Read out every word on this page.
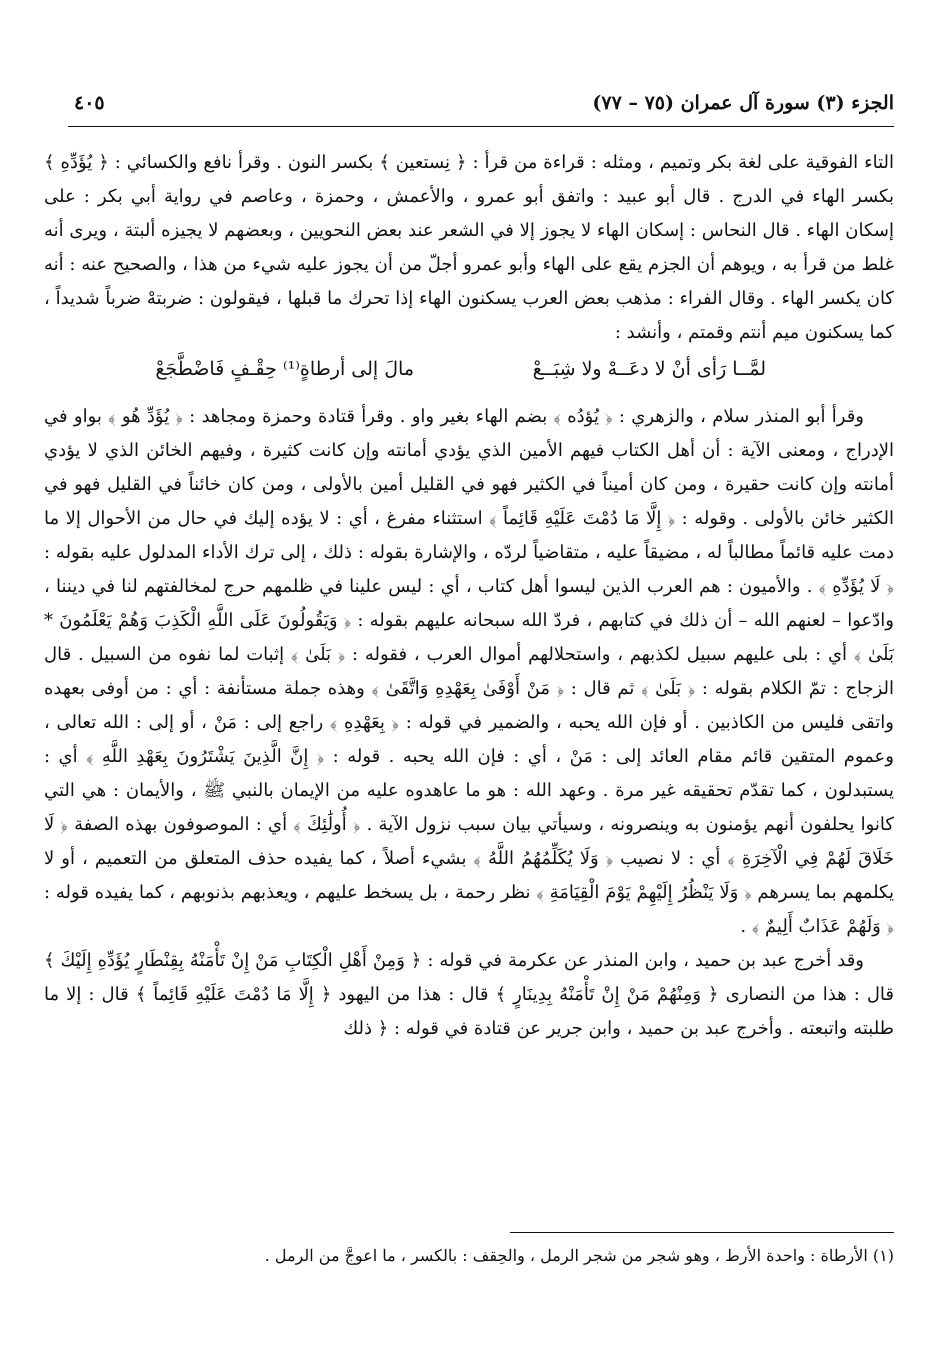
الجزء (٣) سورة آل عمران (٧٥ – ٧٧)
٤٠٥

التاء الفوقية على لغة بكر وتميم ، ومثله : قراءة من قرأ : ﴿ نِستعين ﴾ بكسر النون . وقرأ نافع والكسائي : ﴿ يُؤَدِّهِ ﴾ بكسر الهاء في الدرج . قال أبو عبيد : واتفق أبو عمرو ، والأعمش ، وحمزة ، وعاصم في رواية أبي بكر : على إسكان الهاء . قال النحاس : إسكان الهاء لا يجوز إلا في الشعر عند بعض النحويين ، وبعضهم لا يجيزه ألبتة ، ويرى أنه غلط من قرأ به ، ويوهم أن الجزم يقع على الهاء وأبو عمرو أجلّ من أن يجوز عليه شيء من هذا ، والصحيح عنه : أنه كان يكسر الهاء . وقال الفراء : مذهب بعض العرب يسكنون الهاء إذا تحرك ما قبلها ، فيقولون : ضربتهْ ضرباً شديداً ، كما يسكنون ميم أنتم وقمتم ، وأنشد :

لمَّــا رَأى أنْ لا دعَــهْ ولا شِبَــعْ
مالَ إلى أرطاةٍ⁽¹⁾ حِقْـفٍ فَاضْطَّجَعْ

وقرأ أبو المنذر سلام ، والزهري : ﴿ يُؤدُه ﴾ بضم الهاء بغير واو . وقرأ قتادة وحمزة ومجاهد : ﴿ يُؤَدِّ هُو ﴾ بواو في الإدراج ، ومعنى الآية : أن أهل الكتاب فيهم الأمين الذي يؤدي أمانته وإن كانت كثيرة ، وفيهم الخائن الذي لا يؤدي أمانته وإن كانت حقيرة ، ومن كان أميناً في الكثير فهو في القليل أمين بالأولى ، ومن كان خائناً في القليل فهو في الكثير خائن بالأولى . وقوله : ﴿ إِلَّا مَا دُمْتَ عَلَيْهِ قَائِماً ﴾ استثناء مفرغ ، أي : لا يؤده إليك في حال من الأحوال إلا ما دمت عليه قائماً مطالباً له ، مضيقاً عليه ، متقاضياً لردّه ، والإشارة بقوله : ذلك ، إلى ترك الأداء المدلول عليه بقوله : ﴿ لَا يُؤَدِّهِ ﴾ . والأميون : هم العرب الذين ليسوا أهل كتاب ، أي : ليس علينا في ظلمهم حرج لمخالفتهم لنا في ديننا ، وادّعوا – لعنهم الله – أن ذلك في كتابهم ، فردّ الله سبحانه عليهم بقوله : ﴿ وَيَقُولُونَ عَلَى اللَّهِ الْكَذِبَ وَهُمْ يَعْلَمُونَ * بَلَىٰ ﴾ أي : بلى عليهم سبيل لكذبهم ، واستحلالهم أموال العرب ، فقوله : ﴿ بَلَىٰ ﴾ إثبات لما نفوه من السبيل . قال الزجاج : تمّ الكلام بقوله : ﴿ بَلَىٰ ﴾ ثم قال : ﴿ مَنْ أَوْفَىٰ بِعَهْدِهِ وَاتَّقَىٰ ﴾ وهذه جملة مستأنفة : أي : من أوفى بعهده واتقى فليس من الكاذبين . أو فإن الله يحبه ، والضمير في قوله : ﴿ بِعَهْدِهِ ﴾ راجع إلى : مَنْ ، أو إلى : الله تعالى ، وعموم المتقين قائم مقام العائد إلى : مَنْ ، أي : فإن الله يحبه . قوله : ﴿ إِنَّ الَّذِينَ يَشْتَرُونَ بِعَهْدِ اللَّهِ ﴾ أي : يستبدلون ، كما تقدّم تحقيقه غير مرة . وعهد الله : هو ما عاهدوه عليه من الإيمان بالنبي ﷺ ، والأيمان : هي التي كانوا يحلفون أنهم يؤمنون به وينصرونه ، وسيأتي بيان سبب نزول الآية . ﴿ أُولَٰئِكَ ﴾ أي : الموصوفون بهذه الصفة ﴿ لَا خَلَاقَ لَهُمْ فِي الْآخِرَةِ ﴾ أي : لا نصيب ﴿ وَلَا يُكَلِّمُهُمُ اللَّهُ ﴾ بشيء أصلاً ، كما يفيده حذف المتعلق من التعميم ، أو لا يكلمهم بما يسرهم ﴿ وَلَا يَنْظُرُ إِلَيْهِمْ يَوْمَ الْقِيَامَةِ ﴾ نظر رحمة ، بل يسخط عليهم ، ويعذبهم بذنوبهم ، كما يفيده قوله : ﴿ وَلَهُمْ عَذَابٌ أَلِيمٌ ﴾ .

وقد أخرج عبد بن حميد ، وابن المنذر عن عكرمة في قوله : ﴿ وَمِنْ أَهْلِ الْكِتَابِ مَنْ إِنْ تَأْمَنْهُ بِقِنْطَارٍ يُؤَدِّهِ إِلَيْكَ ﴾ قال : هذا من النصارى ﴿ وَمِنْهُمْ مَنْ إِنْ تَأْمَنْهُ بِدِينَارٍ ﴾ قال : هذا من اليهود ﴿ إِلَّا مَا دُمْتَ عَلَيْهِ قَائِماً ﴾ قال : إلا ما طلبته واتبعته . وأخرج عبد بن حميد ، وابن جرير عن قتادة في قوله : ﴿ ذلك

(١) الأرطاة : واحدة الأرط ، وهو شجر من شجر الرمل ، والحِقف : بالكسر ، ما اعوجَّ من الرمل .
